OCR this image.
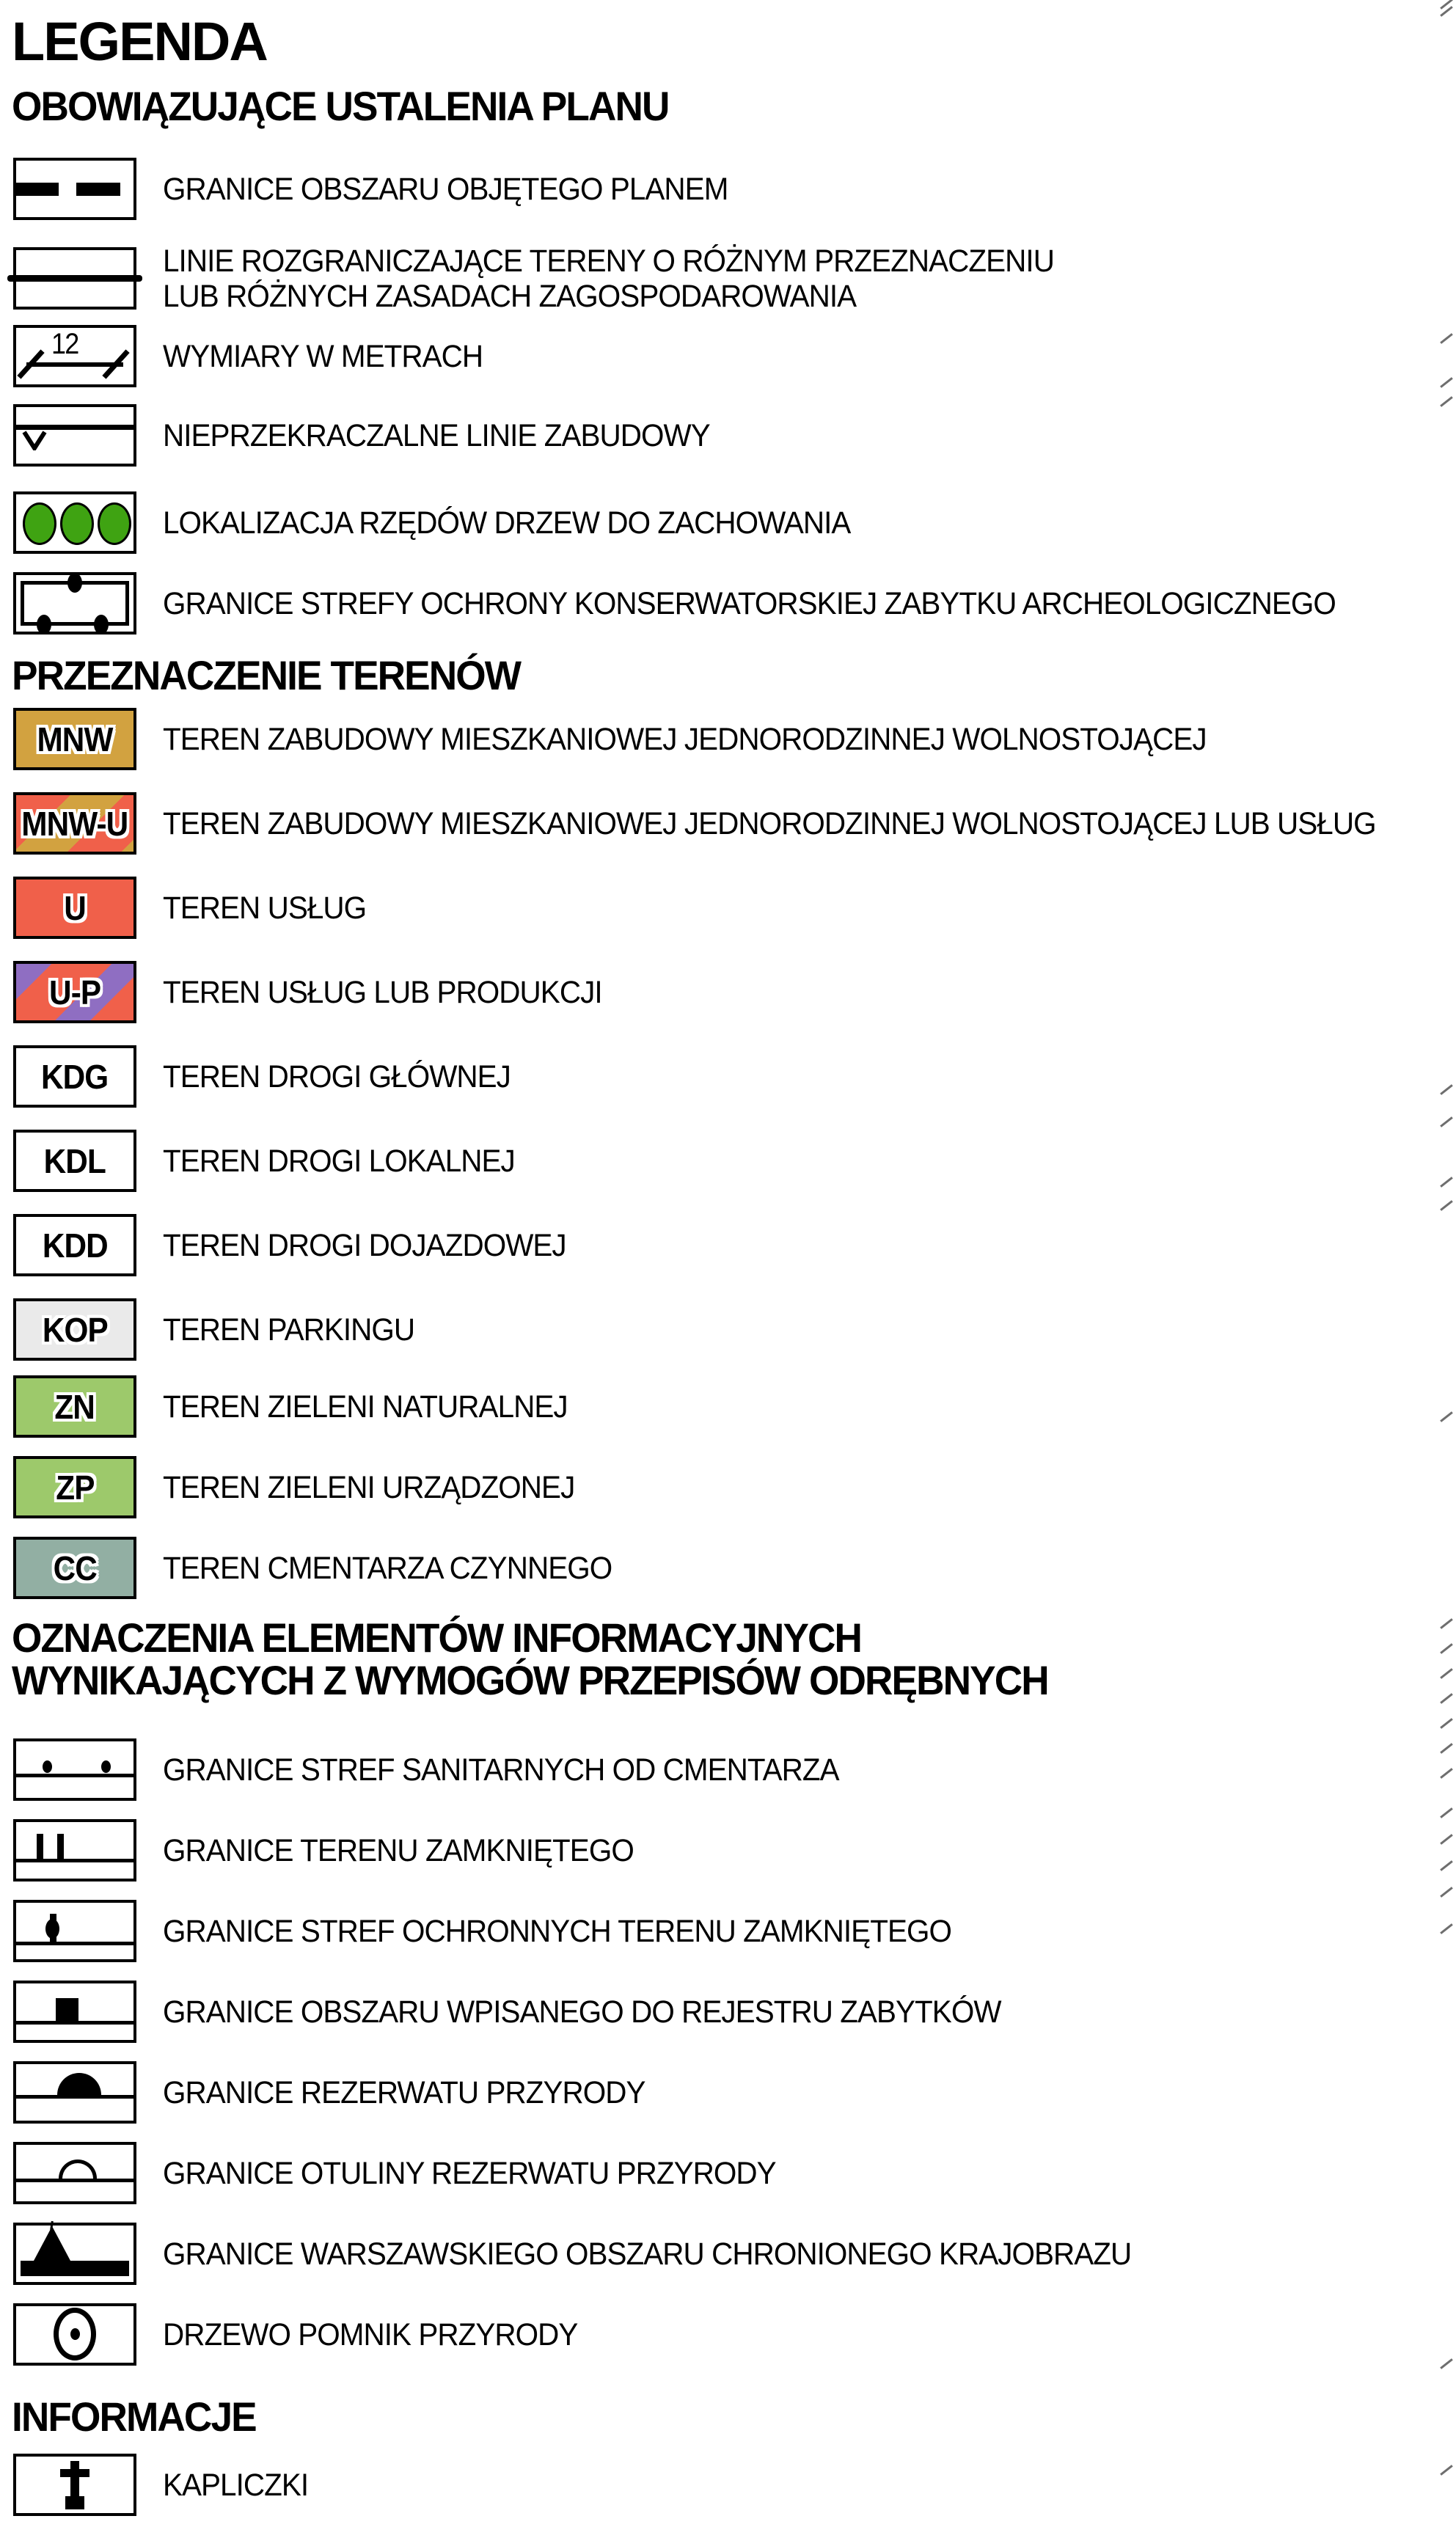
LEGENDA
OBOWIĄZUJĄCE USTALENIA PLANU
GRANICE OBSZARU OBJĘTEGO PLANEM
LINIE ROZGRANICZAJĄCE TERENY O RÓŻNYM PRZEZNACZENIU
LUB RÓŻNYCH ZASADACH ZAGOSPODAROWANIA
12	WYMIARY W METRACH
NIEPRZEKRACZALNE LINIE ZABUDOWY
LOKALIZACJA RZĘDÓW DRZEW DO ZACHOWANIA
GRANICE STREFY OCHRONY KONSERWATORSKIEJ ZABYTKU ARCHEOLOGICZNEGO
PRZEZNACZENIE TERENÓW
MNW TEREN ZABUDOWY MIESZKANIOWEJ JEDNORODZINNEJ WOLNOSTOJĄCEJ
MNW-U TEREN ZABUDOWY MIESZKANIOWEJ JEDNORODZINNEJ WOLNOSTOJĄCEJ LUB USŁUG
U TEREN USŁUG
U-P TEREN USŁUG LUB PRODUKCJI
KDG TEREN DROGI GŁÓWNEJ
KDL TEREN DROGI LOKALNEJ
KDD TEREN DROGI DOJAZDOWEJ
KOP TEREN PARKINGU
ZN TEREN ZIELENI NATURALNEJ
ZP TEREN ZIELENI URZĄDZONEJ
CC TEREN CMENTARZA CZYNNEGO
OZNACZENIA ELEMENTÓW INFORMACYJNYCH
WYNIKAJĄCYCH Z WYMOGÓW PRZEPISÓW ODRĘBNYCH
GRANICE STREF SANITARNYCH OD CMENTARZA
GRANICE TERENU ZAMKNIĘTEGO
GRANICE STREF OCHRONNYCH TERENU ZAMKNIĘTEGO
GRANICE OBSZARU WPISANEGO DO REJESTRU ZABYTKÓW
GRANICE REZERWATU PRZYRODY
GRANICE OTULINY REZERWATU PRZYRODY
GRANICE WARSZAWSKIEGO OBSZARU CHRONIONEGO KRAJOBRAZU
DRZEWO POMNIK PRZYRODY
INFORMACJE
KAPLICZKI
